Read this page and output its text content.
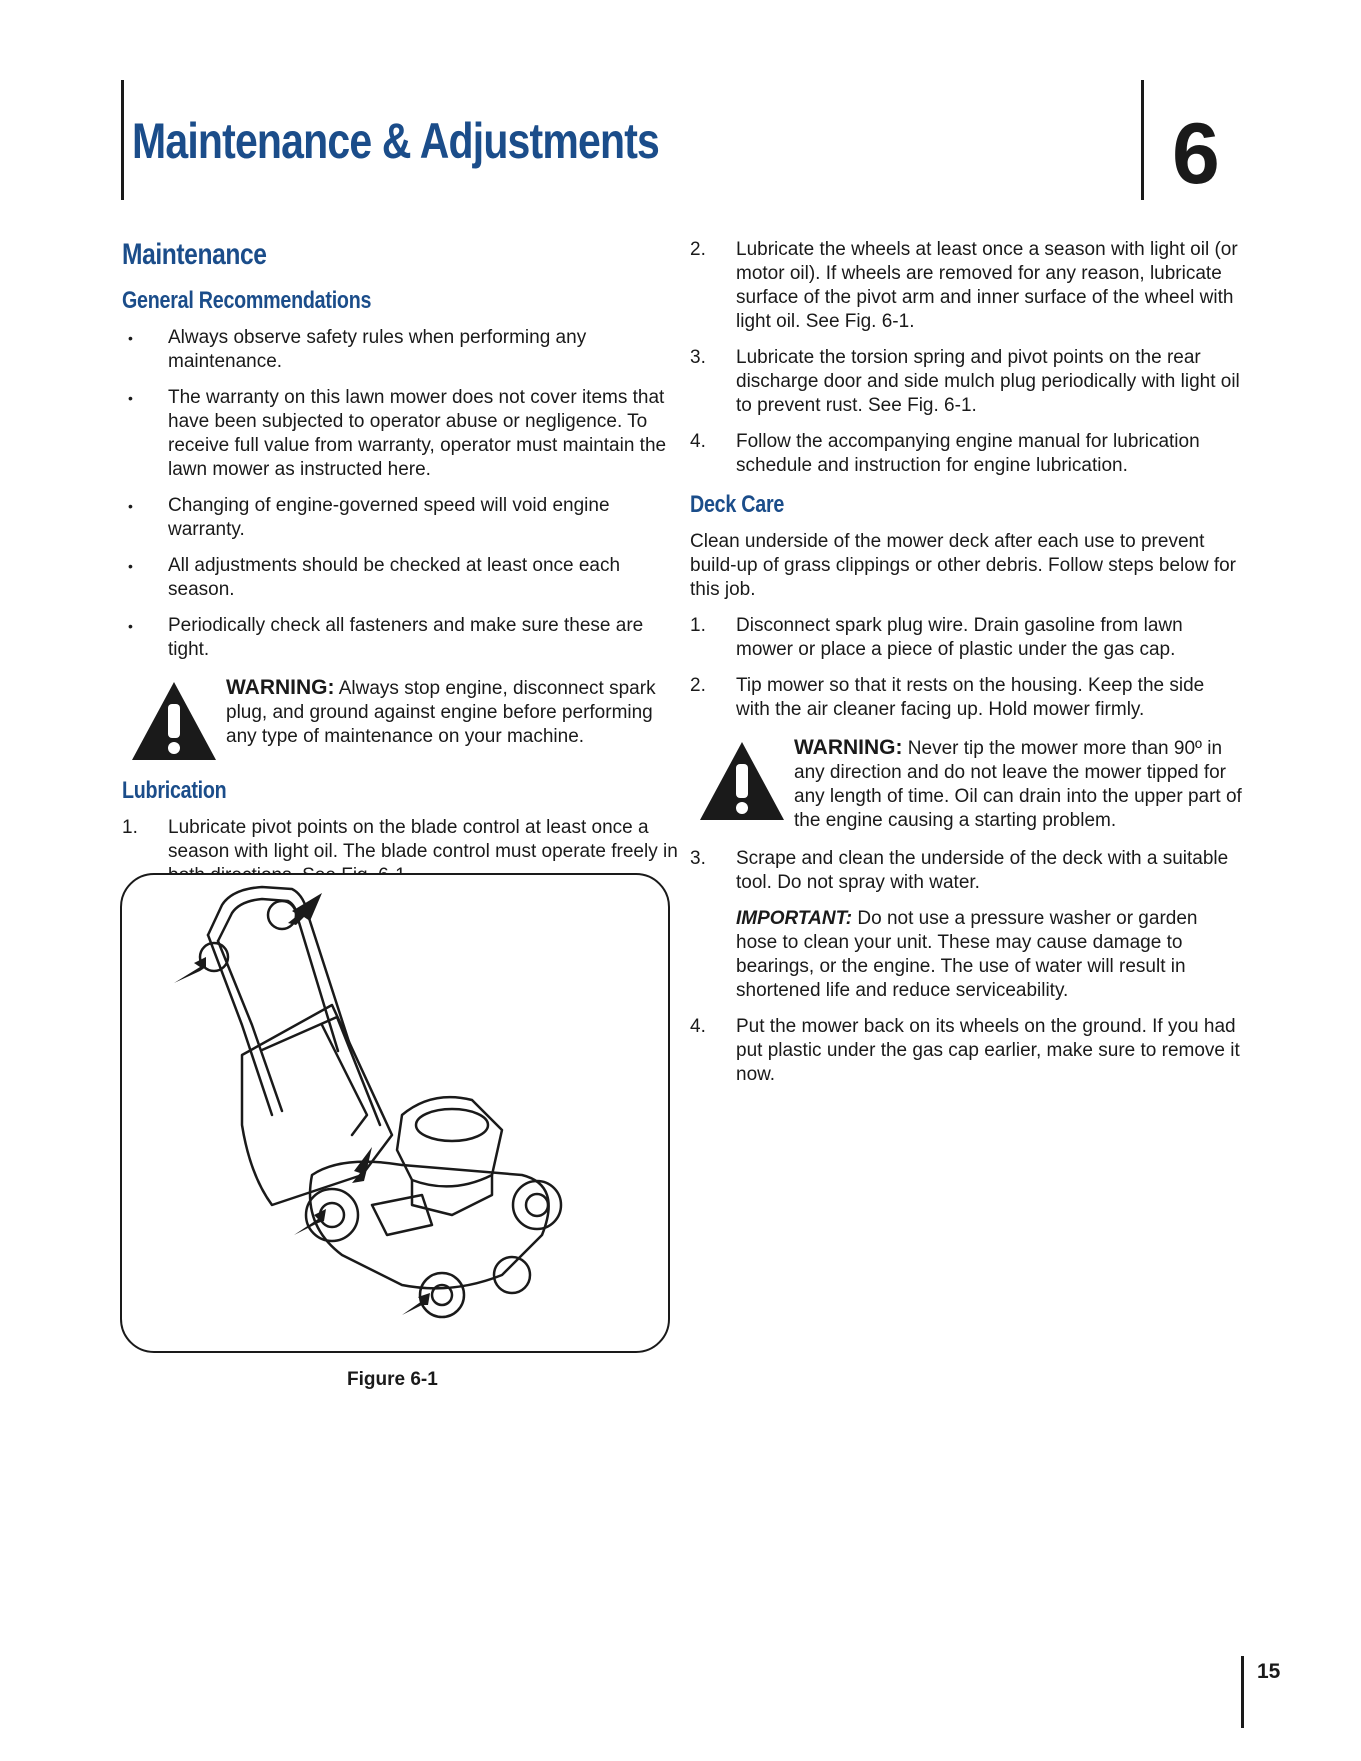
Maintenance & Adjustments	6
Maintenance
General Recommendations
•	Always observe safety rules when performing any maintenance.
•	The warranty on this lawn mower does not cover items that have been subjected to operator abuse or negligence. To receive full value from warranty, operator must maintain the lawn mower as instructed here.
•	Changing of engine-governed speed will void engine warranty.
•	All adjustments should be checked at least once each season.
•	Periodically check all fasteners and make sure these are tight.
WARNING: Always stop engine, disconnect spark plug, and ground against engine before performing any type of maintenance on your machine.
Lubrication
1.	Lubricate pivot points on the blade control at least once a season with light oil. The blade control must operate freely in
Figure 6-1
2.	Lubricate the wheels at least once a season with light oil (or motor oil). If wheels are removed for any reason, lubricate surface of the pivot arm and inner surface of the wheel with light oil. See Fig. 6-1.
3.	Lubricate the torsion spring and pivot points on the rear discharge door and side mulch plug periodically with light oil to prevent rust. See Fig. 6-1.
4.	Follow the accompanying engine manual for lubrication schedule and instruction for engine lubrication.
Deck Care

Clean underside of the mower deck after each use to prevent build-up of grass clippings or other debris. Follow steps below for this job.

1.	Disconnect spark plug wire. Drain gasoline from lawn mower or place a piece of plastic under the gas cap.
2.	Tip mower so that it rests on the housing. Keep the side with the air cleaner facing up. Hold mower firmly.
WARNING: Never tip the mower more than 90º in any direction and do not leave the mower tipped for any length of time. Oil can drain into the upper part of the engine causing a starting problem.
3.	Scrape and clean the underside of the deck with a suitable tool. Do not spray with water.

IMPORTANT: Do not use a pressure washer or garden hose to clean your unit. These may cause damage to bearings, or the engine. The use of water will result in shortened life and reduce serviceability.

4.	Put the mower back on its wheels on the ground. If you had put plastic under the gas cap earlier, make sure to remove it now.
15
